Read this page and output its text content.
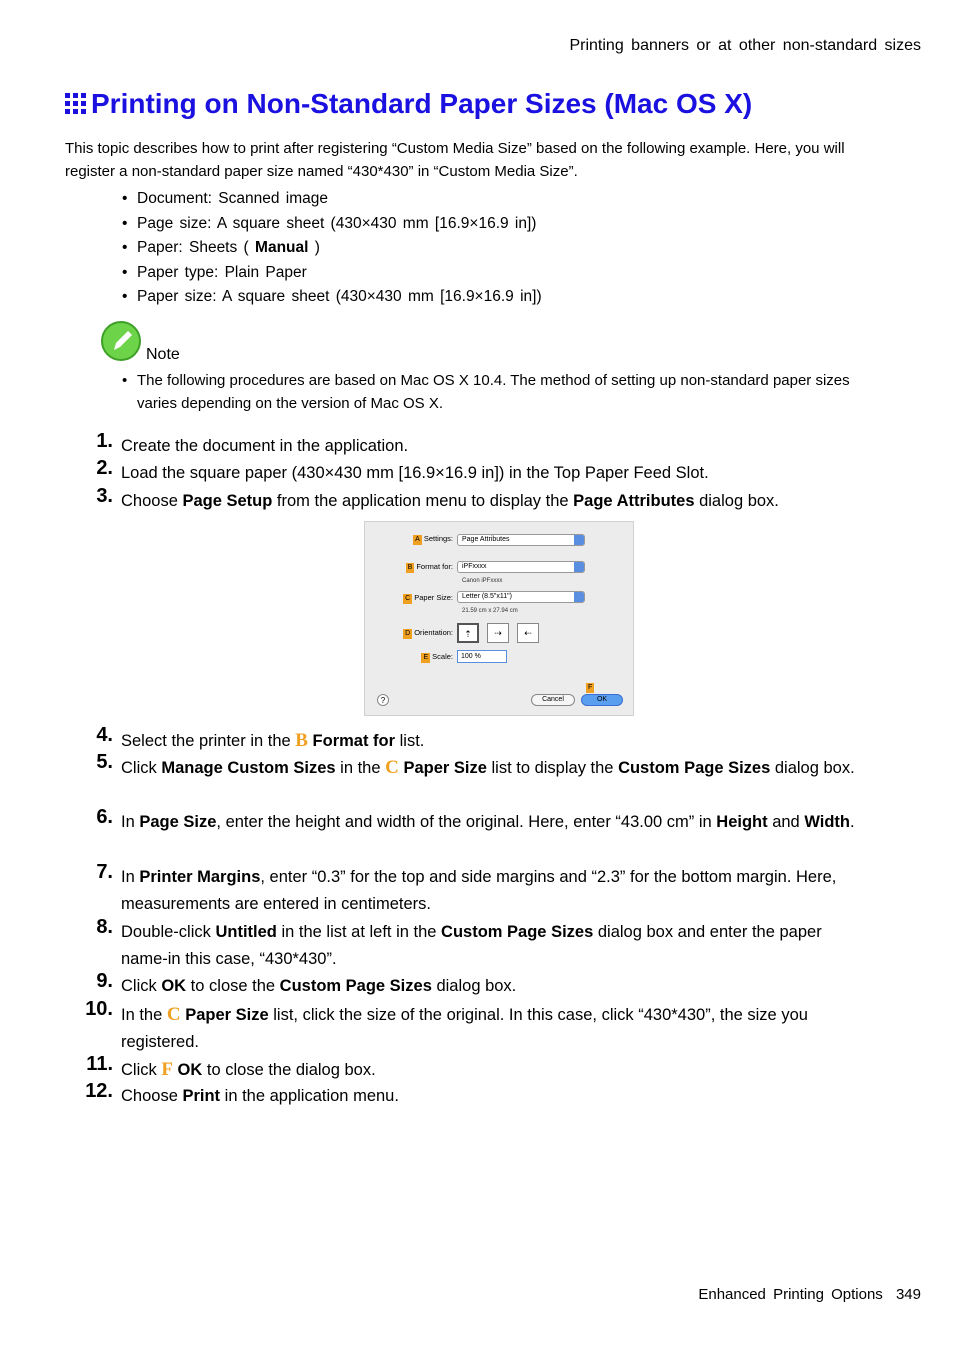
Printing banners or at other non-standard sizes
Printing on Non-Standard Paper Sizes (Mac OS X)

This topic describes how to print after registering “Custom Media Size” based on the following example. Here, you will register a non-standard paper size named “430*430” in “Custom Media Size”.

• Document: Scanned image
• Page size: A square sheet (430×430 mm [16.9×16.9 in])
• Paper: Sheets ( Manual )
• Paper type: Plain Paper
• Paper size: A square sheet (430×430 mm [16.9×16.9 in])
Note

• The following procedures are based on Mac OS X 10.4. The method of setting up non-standard paper sizes varies depending on the version of Mac OS X.

1. Create the document in the application.
2. Load the square paper (430×430 mm [16.9×16.9 in]) in the Top Paper Feed Slot.
3. Choose Page Setup from the application menu to display the Page Attributes dialog box.
4. Select the printer in the B Format for list.
5. Click Manage Custom Sizes in the C Paper Size list to display the Custom Page Sizes dialog box.
6. In Page Size, enter the height and width of the original. Here, enter “43.00 cm” in Height and Width.
7. In Printer Margins, enter “0.3” for the top and side margins and “2.3” for the bottom margin. Here, measurements are entered in centimeters.
8. Double-click Untitled in the list at left in the Custom Page Sizes dialog box and enter the paper name-in this case, “430*430”.
9. Click OK to close the Custom Page Sizes dialog box.
10. In the C Paper Size list, click the size of the original. In this case, click “430*430”, the size you registered.
11. Click F OK to close the dialog box.
12. Choose Print in the application menu.
A Settings:	Page Attributes
B Format for:	iPFxxxx
Canon iPFxxxx
C Paper Size:	Letter (8.5"x11")
21.59 cm x 27.94 cm
D Orientation:	⇡	⇢	⇠
E Scale:	100 %
?	Cancel
F
OK
Enhanced Printing Options 349
